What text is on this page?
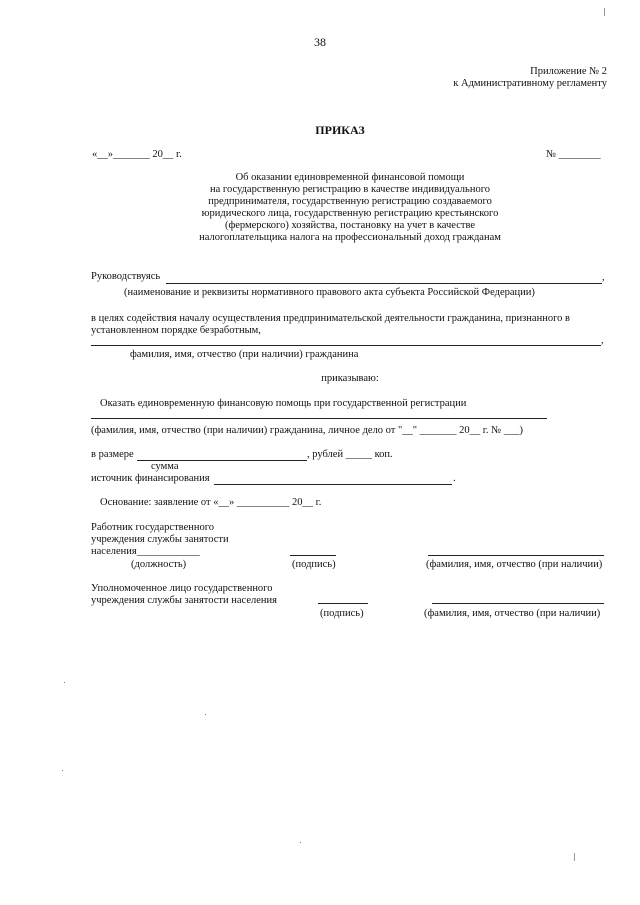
38
Приложение № 2
к Административному регламенту
ПРИКАЗ
«__»_______ 20__ г.	№ ________
Об оказании единовременной финансовой помощи
на государственную регистрацию в качестве индивидуального
предпринимателя, государственную регистрацию создаваемого
юридического лица, государственную регистрацию крестьянского
(фермерского) хозяйства, постановку на учет в качестве
налогоплательщика налога на профессиональный доход гражданам
Руководствуясь	,
(наименование и реквизиты нормативного правового акта субъекта Российской Федерации)
в целях содействия началу осуществления предпринимательской деятельности гражданина, признанного в
установленном порядке безработным,
,
фамилия, имя, отчество (при наличии) гражданина
приказываю:
Оказать единовременную финансовую помощь при государственной регистрации
(фамилия, имя, отчество (при наличии) гражданина, личное дело от "__" _______ 20__ г. № ___)
в размере	, рублей _____ коп.
сумма
источник финансирования	.
Основание: заявление от «__» __________ 20__ г.
Работник государственного
учреждения службы занятости
населения____________
(должность)	(подпись)	(фамилия, имя, отчество (при наличии)
Уполномоченное лицо государственного
учреждения службы занятости населения
(подпись)	(фамилия, имя, отчество (при наличии)
